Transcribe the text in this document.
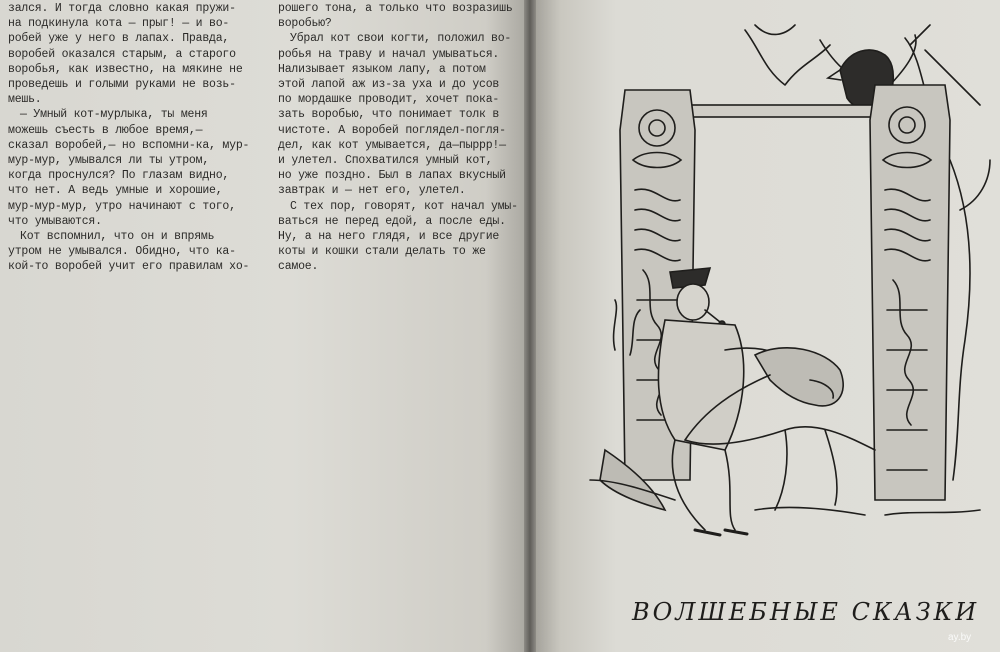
зался. И тогда словно какая пружи-

на подкинула кота — прыг! — и во-

робей уже у него в лапах. Правда,

воробей оказался старым, а старого

воробья, как известно, на мякине не

проведешь и голыми руками не возь-

мешь.

— Умный кот-мурлыка, ты меня

можешь съесть в любое время,—

сказал воробей,— но вспомни-ка, мур-

мур-мур, умывался ли ты утром,

когда проснулся? По глазам видно,

что нет. А ведь умные и хорошие,

мур-мур-мур, утро начинают с того,

что умываются.

Кот вспомнил, что он и впрямь

утром не умывался. Обидно, что ка-

кой-то воробей учит его правилам хо-

рошего тона, а только что возразишь

воробью?

Убрал кот свои когти, положил во-

робья на траву и начал умываться.

Нализывает языком лапу, а потом

этой лапой аж из-за уха и до усов

по мордашке проводит, хочет пока-

зать воробью, что понимает толк в

чистоте. А воробей поглядел-погля-

дел, как кот умывается, да—пыррр!—

и улетел. Спохватился умный кот,

но уже поздно. Был в лапах вкусный

завтрак и — нет его, улетел.

С тех пор, говорят, кот начал умы-

ваться не перед едой, а после еды.

Ну, а на него глядя, и все другие

коты и кошки стали делать то же

самое.

ВОЛШЕБНЫЕ СКАЗКИ
ay.by
